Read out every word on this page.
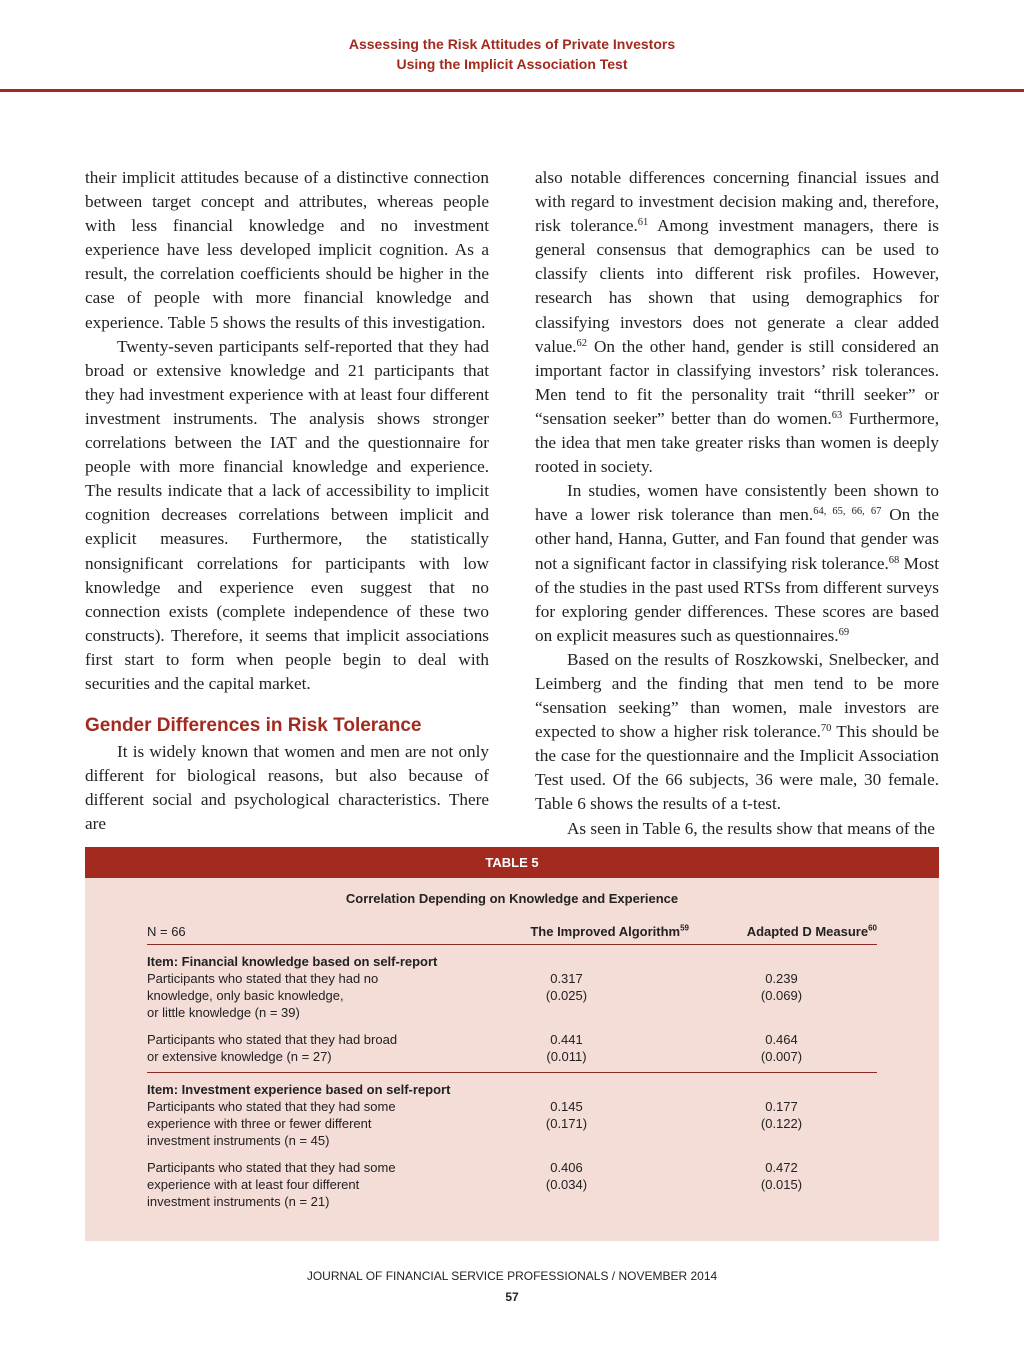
Assessing the Risk Attitudes of Private Investors
Using the Implicit Association Test

their implicit attitudes because of a distinctive connection between target concept and attributes, whereas people with less financial knowledge and no investment experience have less developed implicit cognition. As a result, the correlation coefficients should be higher in the case of people with more financial knowledge and experience. Table 5 shows the results of this investigation.

Twenty-seven participants self-reported that they had broad or extensive knowledge and 21 participants that they had investment experience with at least four different investment instruments. The analysis shows stronger correlations between the IAT and the questionnaire for people with more financial knowledge and experience. The results indicate that a lack of accessibility to implicit cognition decreases correlations between implicit and explicit measures. Furthermore, the statistically nonsignificant correlations for participants with low knowledge and experience even suggest that no connection exists (complete independence of these two constructs). Therefore, it seems that implicit associations first start to form when people begin to deal with securities and the capital market.

Gender Differences in Risk Tolerance

It is widely known that women and men are not only different for biological reasons, but also because of different social and psychological characteristics. There are

also notable differences concerning financial issues and with regard to investment decision making and, therefore, risk tolerance.$^{61}$ Among investment managers, there is general consensus that demographics can be used to classify clients into different risk profiles. However, research has shown that using demographics for classifying investors does not generate a clear added value.$^{62}$ On the other hand, gender is still considered an important factor in classifying investors’ risk tolerances. Men tend to fit the personality trait “thrill seeker” or “sensation seeker” better than do women.$^{63}$ Furthermore, the idea that men take greater risks than women is deeply rooted in society.

In studies, women have consistently been shown to have a lower risk tolerance than men.$^{64, 65, 66, 67}$ On the other hand, Hanna, Gutter, and Fan found that gender was not a significant factor in classifying risk tolerance.$^{68}$ Most of the studies in the past used RTSs from different surveys for exploring gender differences. These scores are based on explicit measures such as questionnaires.$^{69}$

Based on the results of Roszkowski, Snelbecker, and Leimberg and the finding that men tend to be more “sensation seeking” than women, male investors are expected to show a higher risk tolerance.$^{70}$ This should be the case for the questionnaire and the Implicit Association Test used. Of the 66 subjects, 36 were male, 30 female. Table 6 shows the results of a t-test.

As seen in Table 6, the results show that means of the

TABLE 5
Correlation Depending on Knowledge and Experience
N = 66	The Improved Algorithm$^{59}$	Adapted D Measure$^{60}$
Item: Financial knowledge based on self-report
Participants who stated that they had no
knowledge, only basic knowledge,
or little knowledge (n = 39)
0.317
(0.025)
0.239
(0.069)
Participants who stated that they had broad
or extensive knowledge (n = 27)
0.441
(0.011)
0.464
(0.007)
Item: Investment experience based on self-report
Participants who stated that they had some
experience with three or fewer different
investment instruments (n = 45)
0.145
(0.171)
0.177
(0.122)
Participants who stated that they had some
experience with at least four different
investment instruments (n = 21)
0.406
(0.034)
0.472
(0.015)
JOURNAL OF FINANCIAL SERVICE PROFESSIONALS / NOVEMBER 2014
57
